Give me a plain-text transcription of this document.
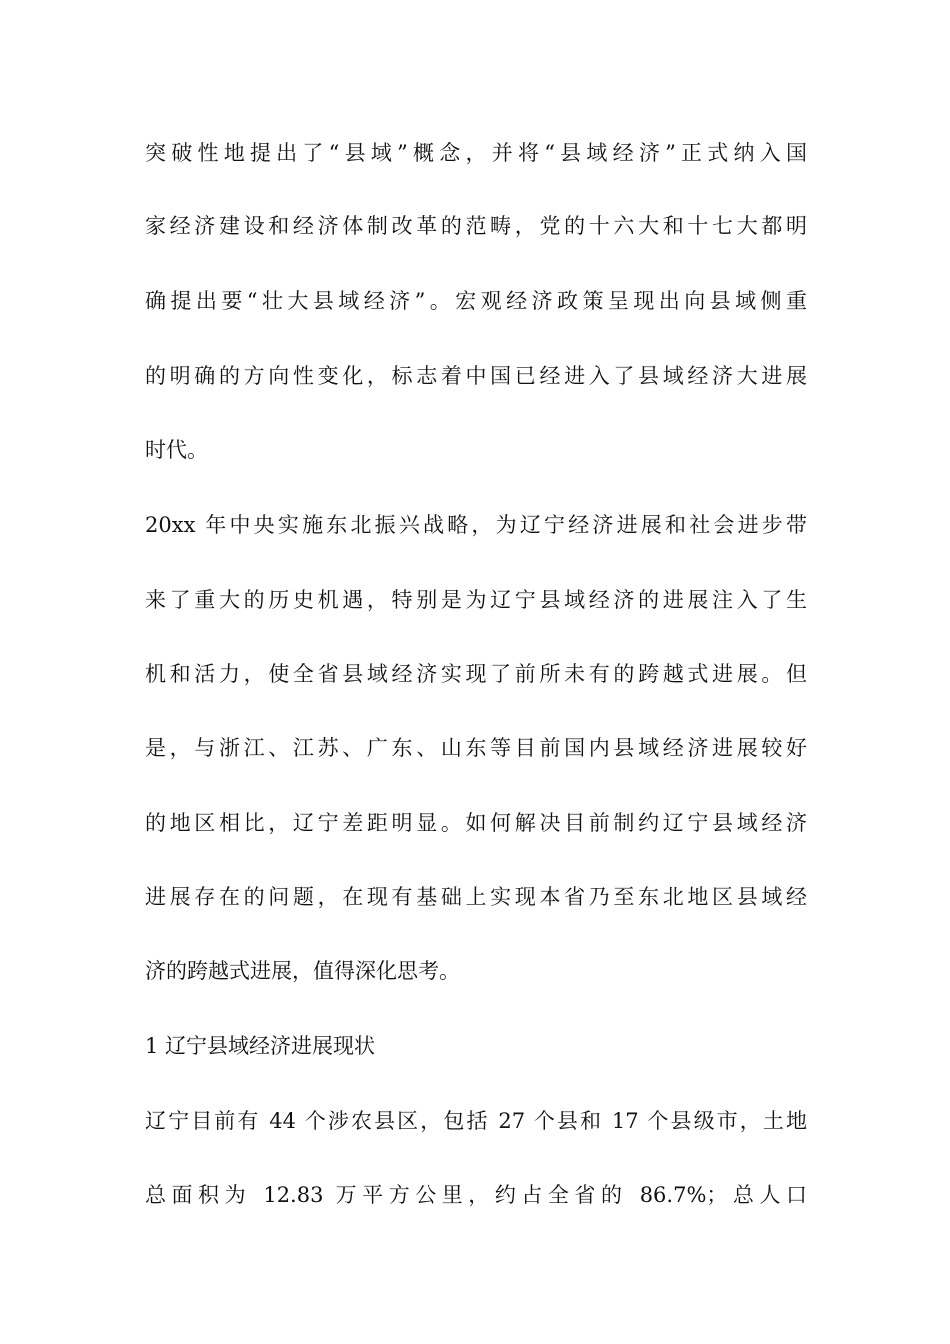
突破性地提出了“县域”概念，并将“县域经济”正式纳入国
家经济建设和经济体制改革的范畴，党的十六大和十七大都明
确提出要“壮大县域经济”。宏观经济政策呈现出向县域侧重
的明确的方向性变化，标志着中国已经进入了县域经济大进展
时代。
20xx 年中央实施东北振兴战略，为辽宁经济进展和社会进步带
来了重大的历史机遇，特别是为辽宁县域经济的进展注入了生
机和活力，使全省县域经济实现了前所未有的跨越式进展。但
是，与浙江、江苏、广东、山东等目前国内县域经济进展较好
的地区相比，辽宁差距明显。如何解决目前制约辽宁县域经济
进展存在的问题，在现有基础上实现本省乃至东北地区县域经
济的跨越式进展，值得深化思考。
1 辽宁县域经济进展现状
辽宁目前有 44 个涉农县区，包括 27 个县和 17 个县级市，土地
总面积为 12.83 万平方公里，约占全省的 86.7%；总人口
